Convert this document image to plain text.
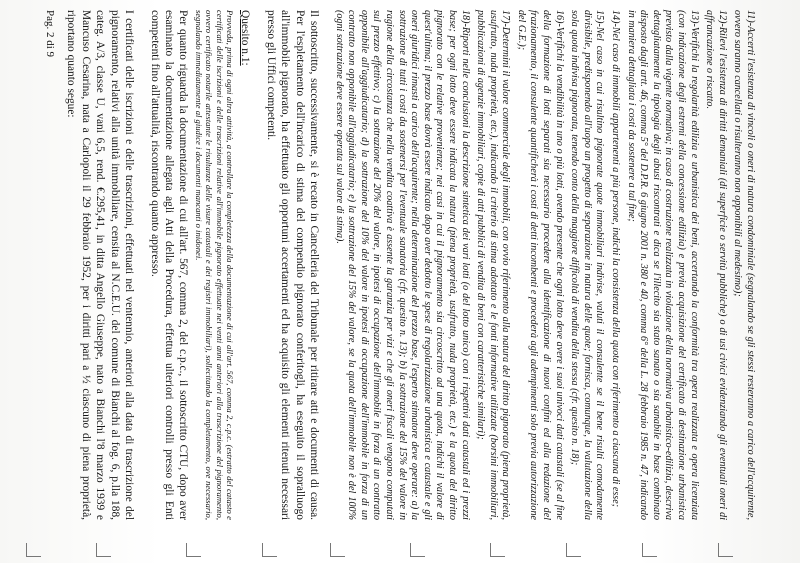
11)-Accerti l'esistenza di vincoli o oneri di natura condominiale (segnalando se gli stessi resteranno a carico dell'acquirente, ovvero saranno cancellati o risulteranno non opponibili al medesimo);

12)-Rilevi l'esistenza di diritti demaniali (di superficie o servitù pubbliche) o di usi civici evidenziando gli eventuali oneri di affrancazione o riscatto.

13)-Verifichi la regolarità edilizia e urbanistica dei beni, accertando la conformità tra opera realizzata e opera licenziata (con indicazione degli estremi della concessione edilizia) e previa acquisizione del certificato di destinazione urbanistica previsto dalla vigente normativa; in caso di costruzione realizzata in violazione della normativa urbanistico-edilizia, descriva dettagliatamente la tipologia degli abusi riscontrati e dica se l'illecito sia stato sanato o sia sanabile in base combinato disposto dagli artt. 46, comma 5° del D.P.R. 6 giugno 2001 n. 380 e 40, comma 6° della L. 28 febbraio 1985 n. 47, indicando in maniera dettagliata i costi da sostenere a tal fine;

14)-Nel caso di immobili appartenenti a più persone, indichi la consistenza della quota con riferimento a ciascuna di esse;

15)-Nel caso in cui risultino pignorate quote immobiliari indivise, valuti il consulente se il bene risulti comodamente divisibile, predisponendo all'uopo un progetto di separazione in natura delle quote; fornisca, comunque, la valutazione della sola quota indivisa pignorata, tenendo conto della maggiore difficoltà di vendita della stessa (cfr. quesito n. 18);

16)-Verifichi la vendibilità in uno o più lotti, avendo presente che ogni lotto deve avere i suoi univoci dati catastali (se al fine della formazione di lotti separati sia necessario procedere alla identificazione di nuovi confini ed alla redazione del frazionamento, il consulente quantificherà i costi di detti incombenti e procederà agli adempimenti solo previa autorizzazione del G.E.);

17)-Determini il valore commerciale degli immobili, con ovvio riferimento alla natura del diritto pignorato (piena proprietà, usufrutto, nuda proprietà, etc.), indicando il criterio di stima adottato e le fonti informative utilizzate (borsini immobiliari, pubblicazioni di agenzie immobiliari, copie di atti pubblici di vendita di beni con caratteristiche similari);

18)-Riporti nelle conclusioni la descrizione sintetica dei vari lotti (o del lotto unico) con i rispettivi dati catastali ed i prezzi base; per ogni lotto deve essere indicata la natura (piena proprietà, usufrutto, nuda proprietà, etc.) e la quota del diritto pignorato con le relative provenienze; nei casi in cui il pignoramento sia circoscritto ad una quota, indichi il valore di quest'ultima; il prezzo base dovrà essere indicato dopo aver dedotto le spese di regolarizzazione urbanistica e catastale e gli oneri giuridici rimasti a carico dell'acquirente; nella determinazione del prezzo base, l'esperto stimatore deve operare: a) la sottrazione di tutti i costi da sostenersi per l'eventuale sanatoria (cfr. quesito n. 13); b) la sottrazione del 15% del valore in ragione della circostanza che nella vendita coattiva è assente la garanzia per vizi e che gli oneri fiscali vengono computati sul prezzo effettivo; c) la sottrazione del 20% del valore, in ipotesi di occupazione dell'immobile in forza di un contratto opponibile all'aggiudicatario; d) la sottrazione del 10% del valore in ipotesi di occupazione dell'immobile in forza di un contratto non opponibile all'aggiudicatario; e) la sottrazione del 15% del valore, se la quota dell'immobile non è del 100% (ogni sottrazione deve essere operata sul valore di stima).

Il sottoscritto, successivamente, si è recato in Cancelleria del Tribunale per ritirare atti e documenti di causa. Per l'espletamento dell'incarico di stima del compendio pignorato conferitogli, ha eseguito il sopralluogo all'immobile pignorato, ha effettuato gli opportuni accertamenti ed ha acquisito gli elementi ritenuti necessari presso gli Uffici competenti.

Quesito n.1:

Provveda, prima di ogni altra attività, a controllare la completezza della documentazione di cui all'art. 567, comma 2, c.p.c. (estratto del catasto e certificati delle iscrizioni e delle trascrizioni relative all'immobile pignorato effettuate nei venti anni anteriori alla trascrizione del pignoramento, ovvero certificato notarile attestante le risultanze delle visure catastali e dei registri immobiliari), sollecitando la completamento, ove necessario, segnalando immediatamente al giudice i documenti mancanti o inidonei.

Per quanto riguarda la documentazione di cui all'art. 567, comma 2, del c.p.c., il sottoscritto CTU, dopo aver esaminato la documentazione allegata agli Atti della Procedura, effettua ulteriori controlli presso gli Enti competenti fino all'attualità, riscontrando quanto appresso.

I certificati delle iscrizioni e delle trascrizioni, effettuati nel ventennio, anteriori alla data di trascrizione del pignoramento, relativi alla unità immobiliare, censita al N.C.E.U. del comune di Bianchi al fog. 6, p.lla 188, categ. A/3, classe U, vani 6,5, rend. €.295,41, in ditta Angello Giuseppe, nato a Bianchi l'8 marzo 1939 e Mancuso Cesarina, nata a Carlopoli il 29 febbraio 1952, per i diritti pari a ½ ciascuno di piena proprietà, riportano quanto segue:

Pag. 2 di 9
